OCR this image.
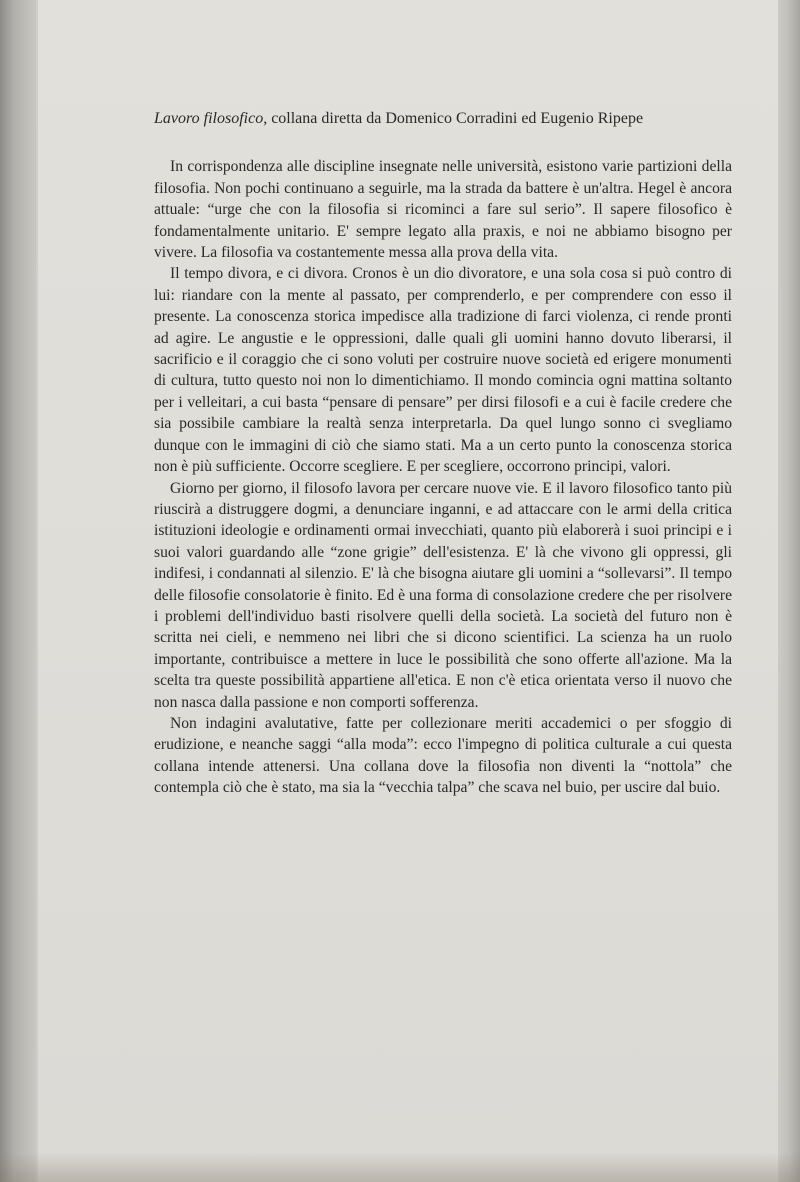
Lavoro filosofico, collana diretta da Domenico Corradini ed Eugenio Ripepe

In corrispondenza alle discipline insegnate nelle università, esistono varie partizioni della filosofia. Non pochi continuano a seguirle, ma la strada da battere è un'altra. Hegel è ancora attuale: “urge che con la filosofia si ricominci a fare sul serio”. Il sapere filosofico è fondamentalmente unitario. E' sempre legato alla praxis, e noi ne abbiamo bisogno per vivere. La filosofia va costantemente messa alla prova della vita.

Il tempo divora, e ci divora. Cronos è un dio divoratore, e una sola cosa si può contro di lui: riandare con la mente al passato, per comprenderlo, e per comprendere con esso il presente. La conoscenza storica impedisce alla tradizione di farci violenza, ci rende pronti ad agire. Le angustie e le oppressioni, dalle quali gli uomini hanno dovuto liberarsi, il sacrificio e il coraggio che ci sono voluti per costruire nuove società ed erigere monumenti di cultura, tutto questo noi non lo dimentichiamo. Il mondo comincia ogni mattina soltanto per i velleitari, a cui basta “pensare di pensare” per dirsi filosofi e a cui è facile credere che sia possibile cambiare la realtà senza interpretarla. Da quel lungo sonno ci svegliamo dunque con le immagini di ciò che siamo stati. Ma a un certo punto la conoscenza storica non è più sufficiente. Occorre scegliere. E per scegliere, occorrono principi, valori.

Giorno per giorno, il filosofo lavora per cercare nuove vie. E il lavoro filosofico tanto più riuscirà a distruggere dogmi, a denunciare inganni, e ad attaccare con le armi della critica istituzioni ideologie e ordinamenti ormai invecchiati, quanto più elaborerà i suoi principi e i suoi valori guardando alle “zone grigie” dell'esistenza. E' là che vivono gli oppressi, gli indifesi, i condannati al silenzio. E' là che bisogna aiutare gli uomini a “sollevarsi”. Il tempo delle filosofie consolatorie è finito. Ed è una forma di consolazione credere che per risolvere i problemi dell'individuo basti risolvere quelli della società. La società del futuro non è scritta nei cieli, e nemmeno nei libri che si dicono scientifici. La scienza ha un ruolo importante, contribuisce a mettere in luce le possibilità che sono offerte all'azione. Ma la scelta tra queste possibilità appartiene all'etica. E non c'è etica orientata verso il nuovo che non nasca dalla passione e non comporti sofferenza.

Non indagini avalutative, fatte per collezionare meriti accademici o per sfoggio di erudizione, e neanche saggi “alla moda”: ecco l'impegno di politica culturale a cui questa collana intende attenersi. Una collana dove la filosofia non diventi la “nottola” che contempla ciò che è stato, ma sia la “vecchia talpa” che scava nel buio, per uscire dal buio.
